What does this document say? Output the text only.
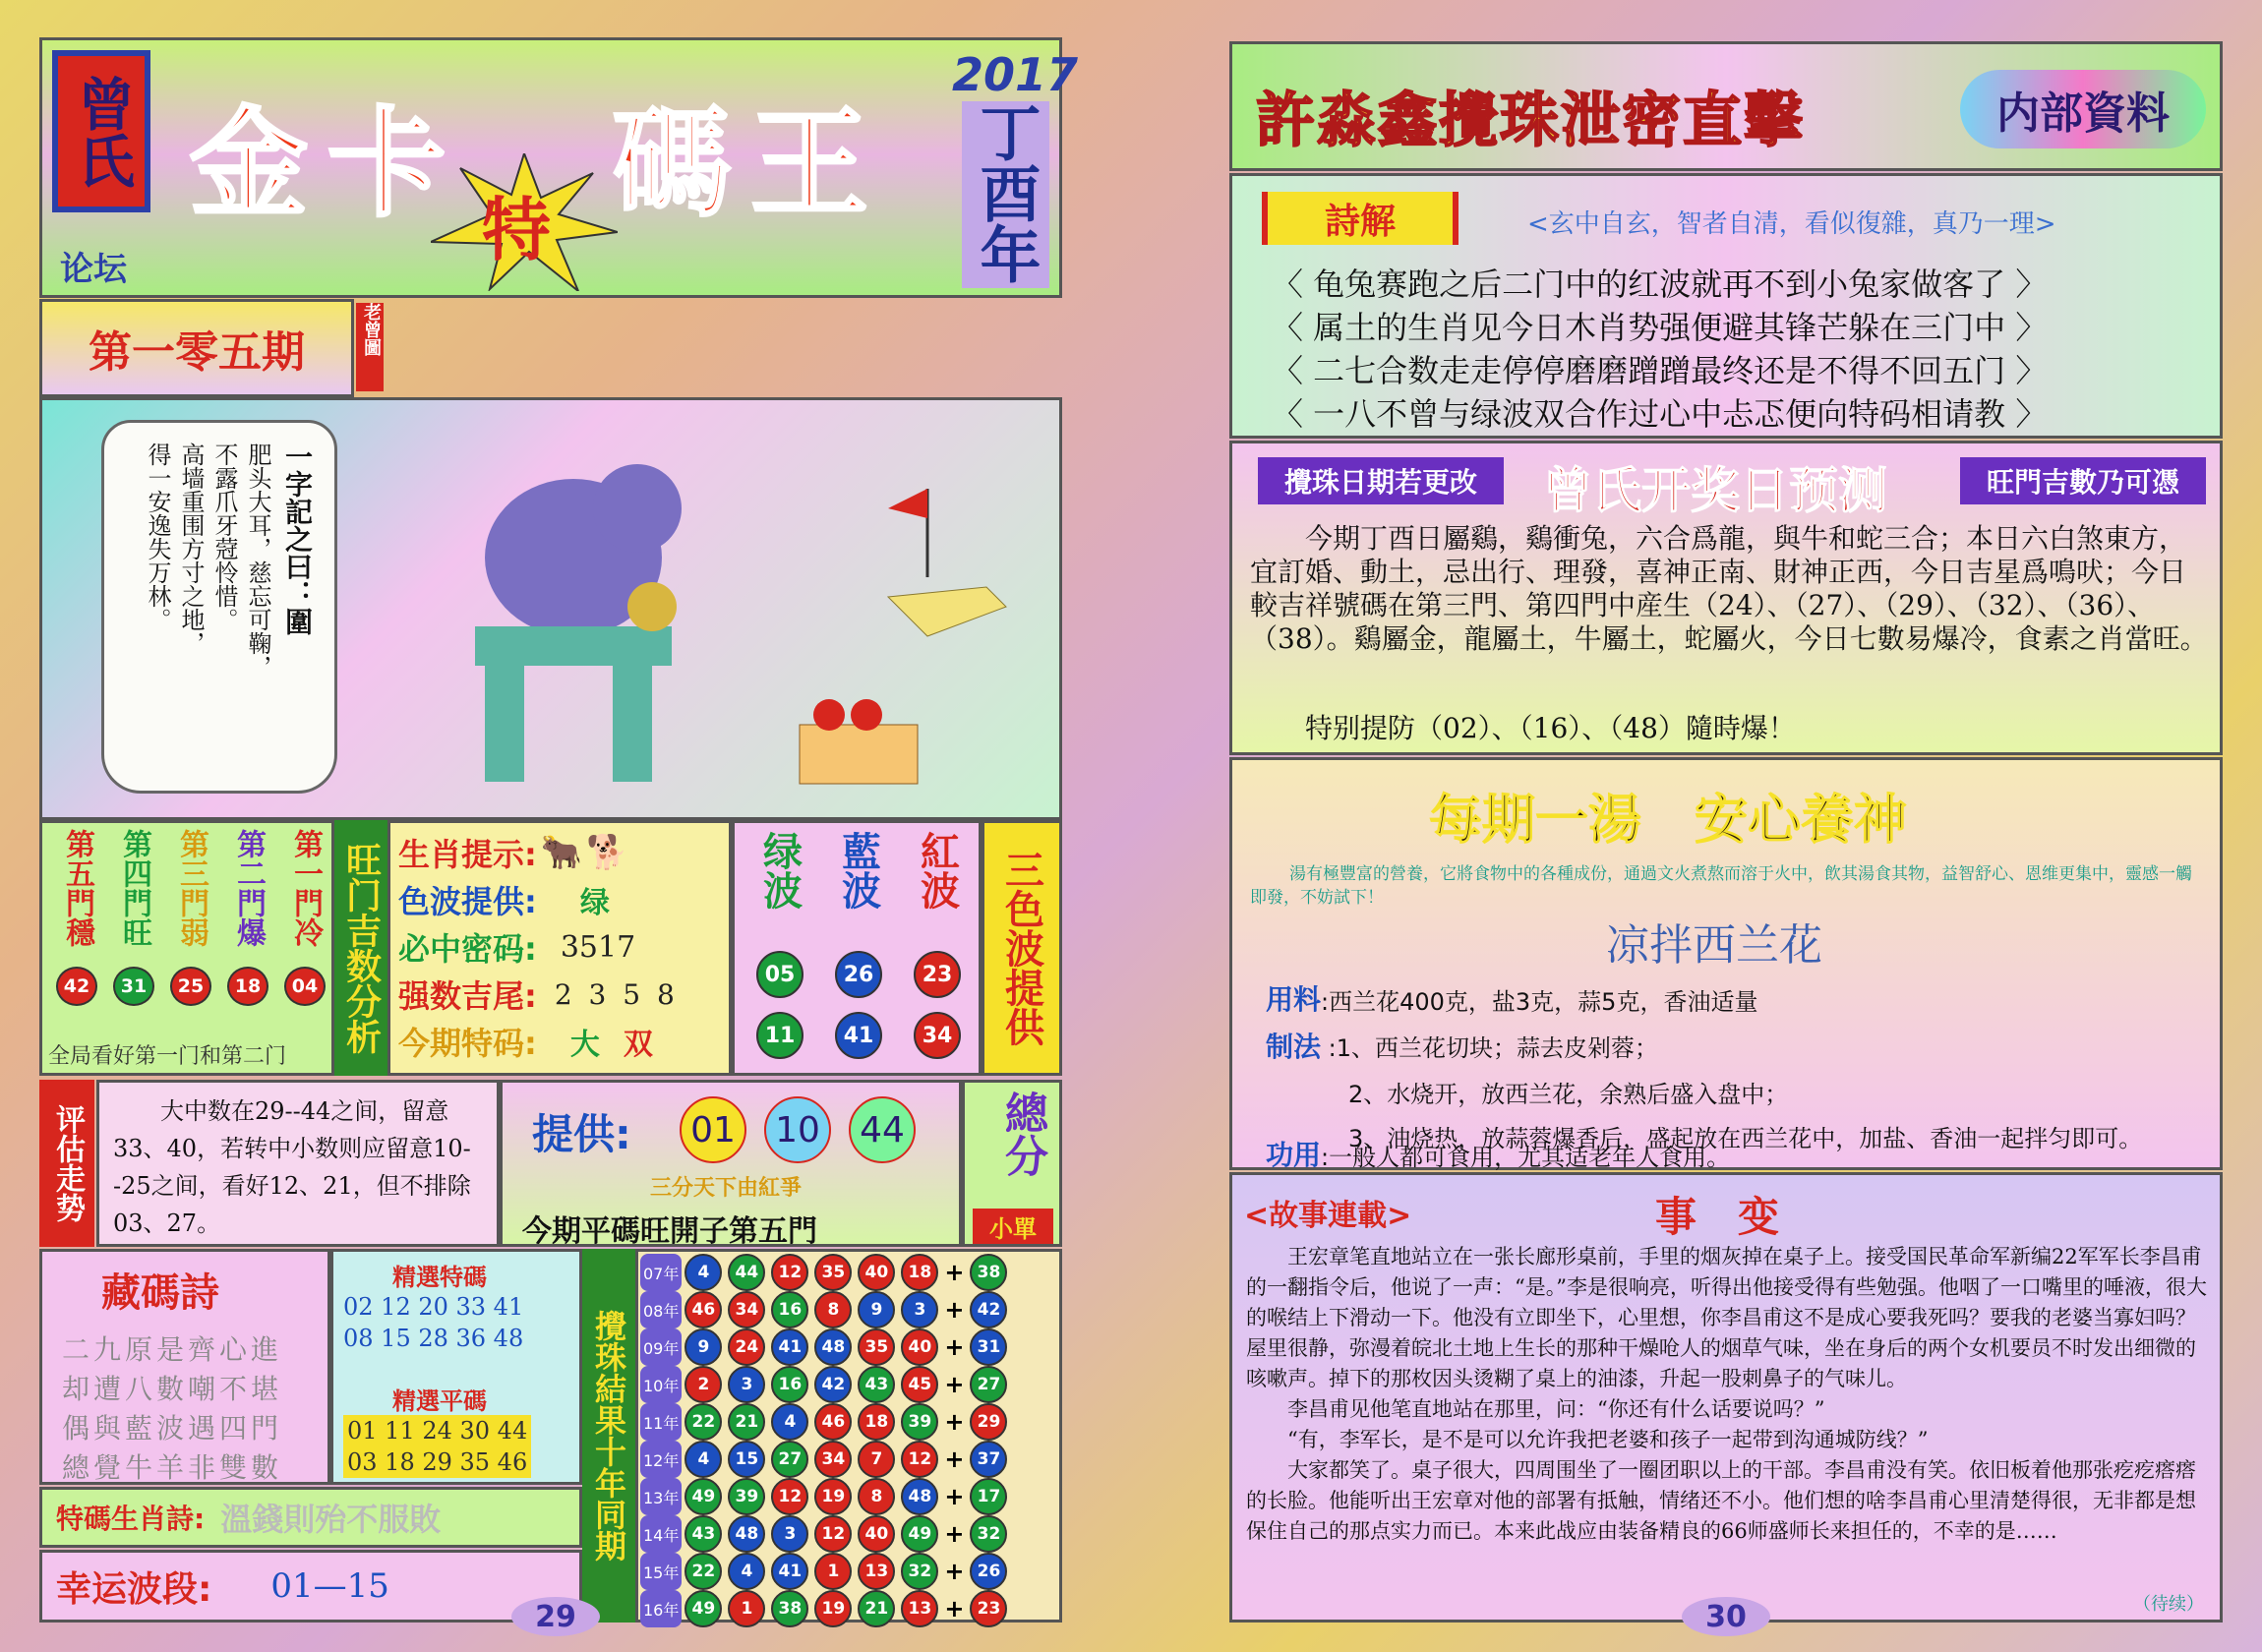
曾氏
论坛
金卡 特 碼王
2017
丁酉年
第一零五期	老曾圖
一字記之曰：圍
肥头大耳，慈忘可鞠，
不露爪牙蒄怜惜。
高墙重围方寸之地，
得一安逸失万林。
第五門穩
42
第四門旺
31
第三門弱
25
第二門爆
18
第一門冷
04
全局看好第一门和第二门
旺门吉数分析 生肖提示: 🐂 🐕
色波提供: 绿
必中密码: 3517
强数吉尾: 2 3 5 8
今期特码: 大 双
绿波 藍波 紅波
05	26	23
11	41	34	三色波提供
评估走势	大中数在29--44之间，留意33、40，若转中小数则应留意10--25之间，看好12、21，但不排除03、27。
提供:	01	10	44
三分天下由紅爭
今期平碼旺開子第五門
總分
小單
藏碼詩
二九原是齊心進
却遭八數嘲不堪
偶與藍波遇四門
總覺牛羊非雙數
精選特碼
02 12 20 33 41
08 15 28 36 48
精選平碼
01 11 24 30 44
03 18 29 35 46 攪珠結果十年同期
07年	4	44	12	35	40	18	+	38
08年	46	34	16	8	9	3	+	42
09年	9	24	41	48	35	40	+	31
10年	2	3	16	42	43	45	+	27
11年	22	21	4	46	18	39	+	29
12年	4	15	27	34	7	12	+	37
13年	49	39	12	19	8	48	+	17
14年	43	48	3	12	40	49	+	32
15年	22	4	41	1	13	32	+	26
16年	49	1	38	19	21	13	+	23
特碼生肖詩: 溫錢則殆不服敗
幸运波段: 01—15
29
許淼鑫攪珠泄密直擊	内部資料
詩解	<玄中自玄，智者自清，看似復雜，真乃一理>
〈 龟兔赛跑之后二门中的红波就再不到小兔家做客了 〉
〈 属土的生肖见今日木肖势强便避其锋芒躲在三门中 〉
〈 二七合数走走停停磨磨蹭蹭最终还是不得不回五门 〉
〈 一八不曾与绿波双合作过心中忐忑便向特码相请教 〉
攪珠日期若更改	曾氏开奖日预测	旺門吉數乃可憑
今期丁酉日屬鷄，鷄衝兔，六合爲龍，與牛和蛇三合；本日六白煞東方，宜訂婚、動土，忌出行、理發，喜神正南、財神正西，今日吉星爲鳴吠；今日較吉祥號碼在第三門、第四門中産生（24）、（27）、（29）、（32）、（36）、（38）。鷄屬金，龍屬土，牛屬土，蛇屬火，今日七數易爆冷，食素之肖當旺。
特别提防（02）、（16）、（48）隨時爆！
每期一湯　安心養神
湯有極豐富的營養，它將食物中的各種成份，通過文火煮熬而溶于火中，飲其湯食其物，益智舒心、恩维更集中，靈感一觸即發，不妨試下！
凉拌西兰花
用料 :西兰花400克，盐3克，蒜5克，香油适量
制法 :1、西兰花切块；蒜去皮剁蓉；
2、水烧开，放西兰花，余熟后盛入盘中；
3、油烧热，放蒜蓉爆香后，盛起放在西兰花中，加盐、香油一起拌匀即可。
功用 :一般人都可食用，尤其适老年人食用。
<故事連載>	事　变

王宏章笔直地站立在一张长廊形桌前，手里的烟灰掉在桌子上。接受国民革命军新编22军军长李昌甫的一翻指令后，他说了一声：“是。”李是很响亮，听得出他接受得有些勉强。他咽了一口嘴里的唾液，很大的喉结上下滑动一下。他没有立即坐下，心里想，你李昌甫这不是成心要我死吗？要我的老婆当寡妇吗？屋里很静，弥漫着皖北土地上生长的那种干燥呛人的烟草气味，坐在身后的两个女机要员不时发出细微的咳嗽声。掉下的那枚因头烫糊了桌上的油漆，升起一股刺鼻子的气味儿。

李昌甫见他笔直地站在那里，问：“你还有什么话要说吗？”

“有，李军长，是不是可以允许我把老婆和孩子一起带到沟通城防线？”

大家都笑了。桌子很大，四周围坐了一圈团职以上的干部。李昌甫没有笑。依旧板着他那张疙疙瘩瘩的长脸。他能听出王宏章对他的部署有抵触，情绪还不小。他们想的啥李昌甫心里清楚得很，无非都是想保住自己的那点实力而已。本来此战应由装备精良的66师盛师长来担任的，不幸的是……

（待续）
30
